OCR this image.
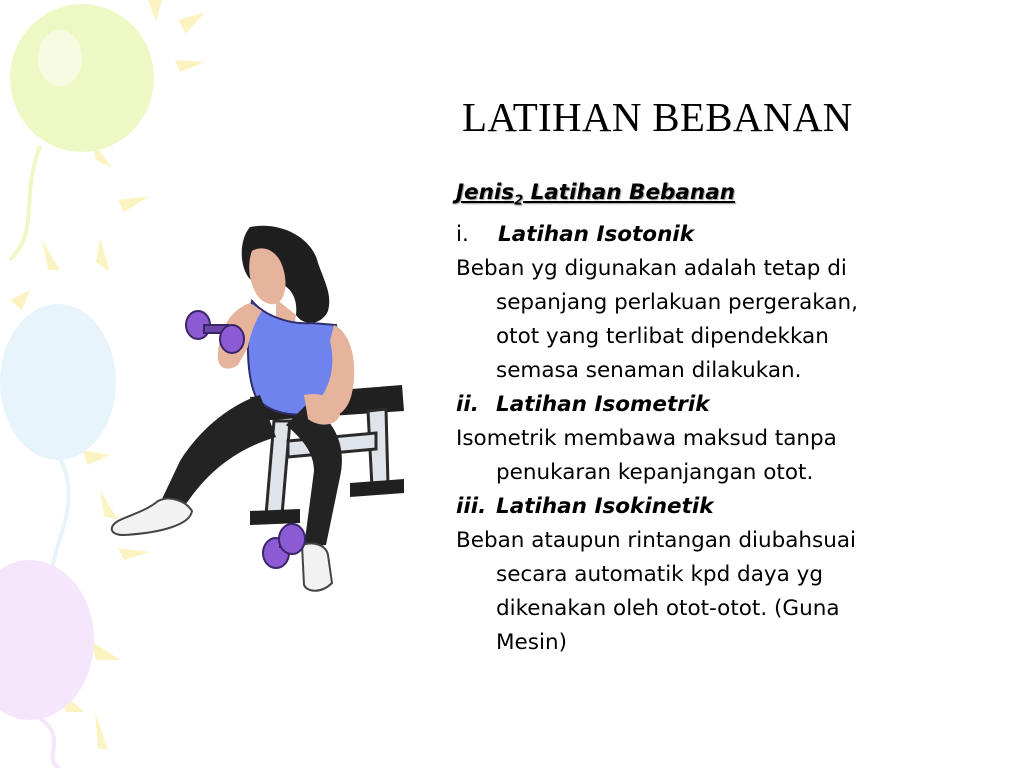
LATIHAN BEBANAN
Jenis$_2$ Latihan Bebanan
i. Latihan Isotonik
Beban yg digunakan adalah tetap di
sepanjang perlakuan pergerakan,
otot yang terlibat dipendekkan
semasa senaman dilakukan.
ii. Latihan Isometrik
Isometrik membawa maksud tanpa
penukaran kepanjangan otot.
iii. Latihan Isokinetik
Beban ataupun rintangan diubahsuai
secara automatik kpd daya yg
dikenakan oleh otot-otot. (Guna
Mesin)
